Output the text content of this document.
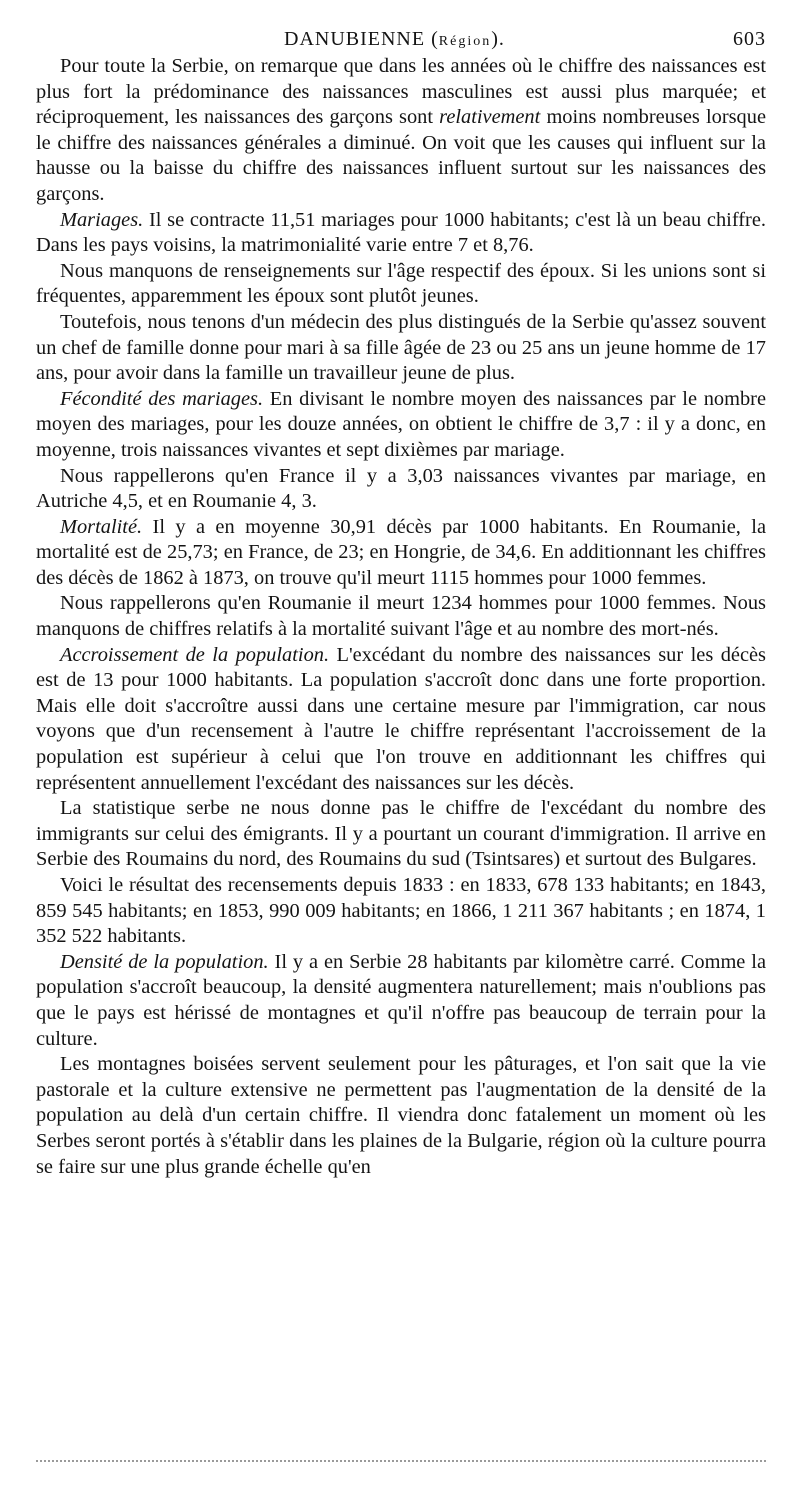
DANUBIENNE (Région).	603

Pour toute la Serbie, on remarque que dans les années où le chiffre des naissances est plus fort la prédominance des naissances masculines est aussi plus marquée; et réciproquement, les naissances des garçons sont relativement moins nombreuses lorsque le chiffre des naissances générales a diminué. On voit que les causes qui influent sur la hausse ou la baisse du chiffre des naissances influent surtout sur les naissances des garçons.

Mariages. Il se contracte 11,51 mariages pour 1000 habitants; c'est là un beau chiffre. Dans les pays voisins, la matrimonialité varie entre 7 et 8,76.

Nous manquons de renseignements sur l'âge respectif des époux. Si les unions sont si fréquentes, apparemment les époux sont plutôt jeunes.

Toutefois, nous tenons d'un médecin des plus distingués de la Serbie qu'assez souvent un chef de famille donne pour mari à sa fille âgée de 23 ou 25 ans un jeune homme de 17 ans, pour avoir dans la famille un travailleur jeune de plus.

Fécondité des mariages. En divisant le nombre moyen des naissances par le nombre moyen des mariages, pour les douze années, on obtient le chiffre de 3,7 : il y a donc, en moyenne, trois naissances vivantes et sept dixièmes par mariage.

Nous rappellerons qu'en France il y a 3,03 naissances vivantes par mariage, en Autriche 4,5, et en Roumanie 4, 3.

Mortalité. Il y a en moyenne 30,91 décès par 1000 habitants. En Roumanie, la mortalité est de 25,73; en France, de 23; en Hongrie, de 34,6. En additionnant les chiffres des décès de 1862 à 1873, on trouve qu'il meurt 1115 hommes pour 1000 femmes.

Nous rappellerons qu'en Roumanie il meurt 1234 hommes pour 1000 femmes. Nous manquons de chiffres relatifs à la mortalité suivant l'âge et au nombre des mort-nés.

Accroissement de la population. L'excédant du nombre des naissances sur les décès est de 13 pour 1000 habitants. La population s'accroît donc dans une forte proportion. Mais elle doit s'accroître aussi dans une certaine mesure par l'immigration, car nous voyons que d'un recensement à l'autre le chiffre représentant l'accroissement de la population est supérieur à celui que l'on trouve en additionnant les chiffres qui représentent annuellement l'excédant des naissances sur les décès.

La statistique serbe ne nous donne pas le chiffre de l'excédant du nombre des immigrants sur celui des émigrants. Il y a pourtant un courant d'immigration. Il arrive en Serbie des Roumains du nord, des Roumains du sud (Tsintsares) et surtout des Bulgares.

Voici le résultat des recensements depuis 1833 : en 1833, 678 133 habitants; en 1843, 859 545 habitants; en 1853, 990 009 habitants; en 1866, 1 211 367 habitants ; en 1874, 1 352 522 habitants.

Densité de la population. Il y a en Serbie 28 habitants par kilomètre carré. Comme la population s'accroît beaucoup, la densité augmentera naturellement; mais n'oublions pas que le pays est hérissé de montagnes et qu'il n'offre pas beaucoup de terrain pour la culture.

Les montagnes boisées servent seulement pour les pâturages, et l'on sait que la vie pastorale et la culture extensive ne permettent pas l'augmentation de la densité de la population au delà d'un certain chiffre. Il viendra donc fatalement un moment où les Serbes seront portés à s'établir dans les plaines de la Bulgarie, région où la culture pourra se faire sur une plus grande échelle qu'en
